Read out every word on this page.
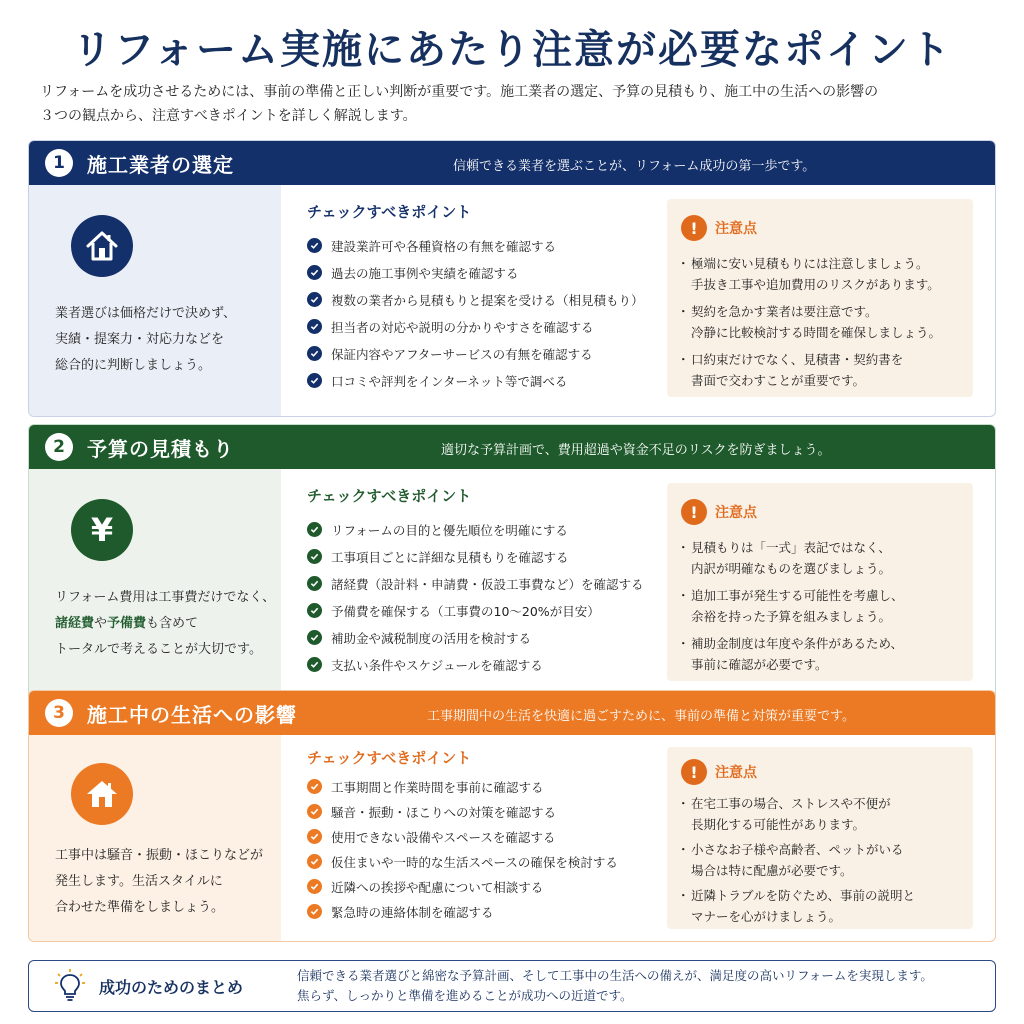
リフォーム実施にあたり注意が必要なポイント
リフォームを成功させるためには、事前の準備と正しい判断が重要です。施工業者の選定、予算の見積もり、施工中の生活への影響の
３つの観点から、注意すべきポイントを詳しく解説します。
1	施工業者の選定	信頼できる業者を選ぶことが、リフォーム成功の第一歩です。
業者選びは価格だけで決めず、
実績・提案力・対応力などを
総合的に判断しましょう。
チェックすべきポイント
建設業許可や各種資格の有無を確認する
過去の施工事例や実績を確認する
複数の業者から見積もりと提案を受ける（相見積もり）
担当者の対応や説明の分かりやすさを確認する
保証内容やアフターサービスの有無を確認する
口コミや評判をインターネット等で調べる
!	注意点
・ 極端に安い見積もりには注意しましょう。
手抜き工事や追加費用のリスクがあります。
・ 契約を急かす業者は要注意です。
冷静に比較検討する時間を確保しましょう。
・ 口約束だけでなく、見積書・契約書を
書面で交わすことが重要です。
2	予算の見積もり	適切な予算計画で、費用超過や資金不足のリスクを防ぎましょう。
¥
リフォーム費用は工事費だけでなく、
諸経費や予備費も含めて
トータルで考えることが大切です。
チェックすべきポイント
リフォームの目的と優先順位を明確にする
工事項目ごとに詳細な見積もりを確認する
諸経費（設計料・申請費・仮設工事費など）を確認する
予備費を確保する（工事費の10〜20%が目安）
補助金や減税制度の活用を検討する
支払い条件やスケジュールを確認する
!	注意点
・ 見積もりは「一式」表記ではなく、
内訳が明確なものを選びましょう。
・ 追加工事が発生する可能性を考慮し、
余裕を持った予算を組みましょう。
・ 補助金制度は年度や条件があるため、
事前に確認が必要です。
3	施工中の生活への影響	工事期間中の生活を快適に過ごすために、事前の準備と対策が重要です。
工事中は騒音・振動・ほこりなどが
発生します。生活スタイルに
合わせた準備をしましょう。
チェックすべきポイント
工事期間と作業時間を事前に確認する
騒音・振動・ほこりへの対策を確認する
使用できない設備やスペースを確認する
仮住まいや一時的な生活スペースの確保を検討する
近隣への挨拶や配慮について相談する
緊急時の連絡体制を確認する
!	注意点
・ 在宅工事の場合、ストレスや不便が
長期化する可能性があります。
・ 小さなお子様や高齢者、ペットがいる
場合は特に配慮が必要です。
・ 近隣トラブルを防ぐため、事前の説明と
マナーを心がけましょう。
成功のためのまとめ
信頼できる業者選びと綿密な予算計画、そして工事中の生活への備えが、満足度の高いリフォームを実現します。
焦らず、しっかりと準備を進めることが成功への近道です。
